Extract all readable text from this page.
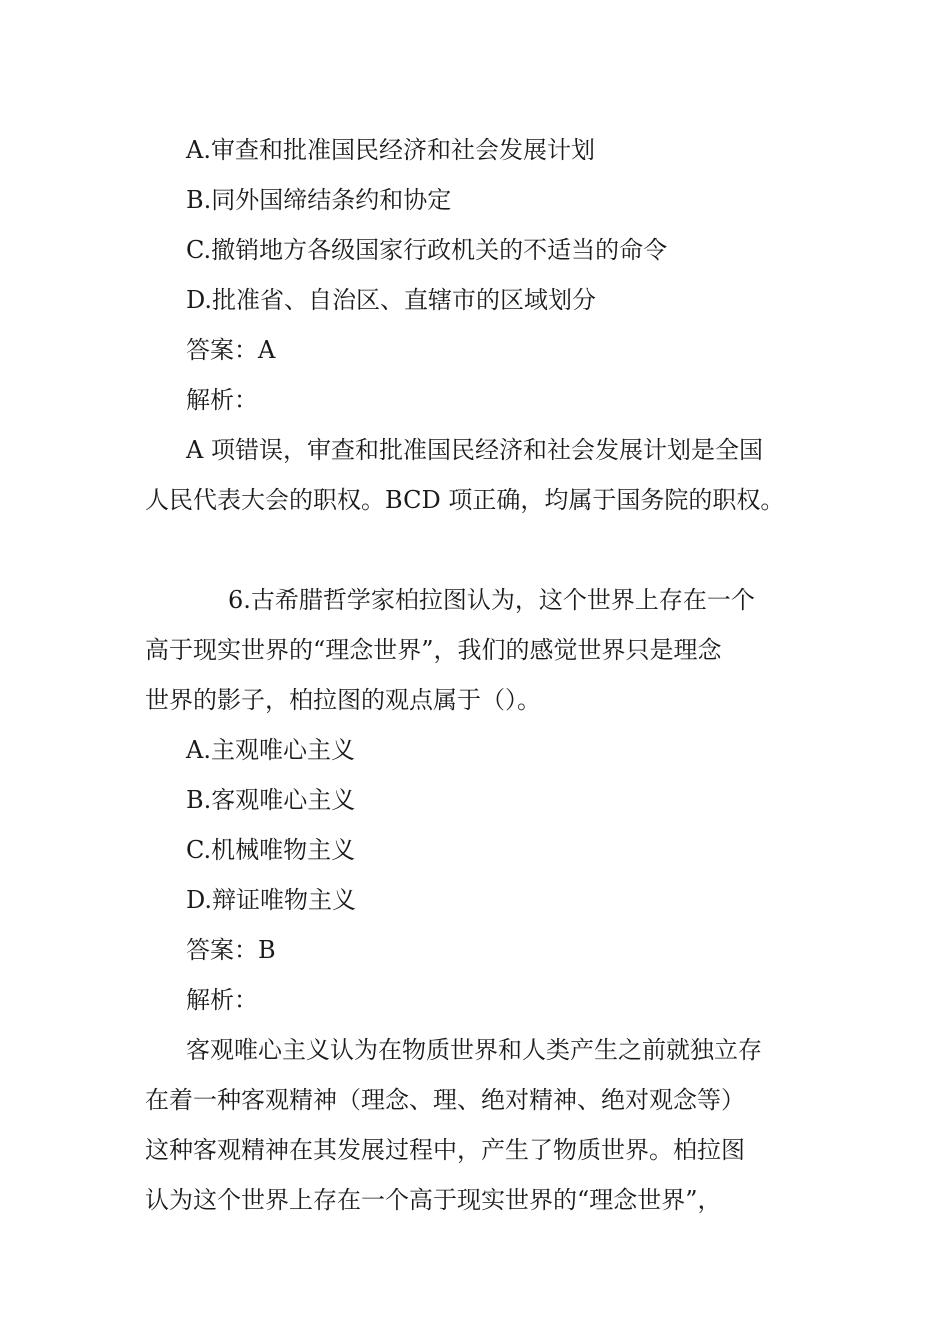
A.审查和批准国民经济和社会发展计划
B.同外国缔结条约和协定
C.撤销地方各级国家行政机关的不适当的命令
D.批准省、自治区、直辖市的区域划分
答案：A
解析：
A 项错误，审查和批准国民经济和社会发展计划是全国
人民代表大会的职权。BCD 项正确，均属于国务院的职权。
6.古希腊哲学家柏拉图认为，这个世界上存在一个
高于现实世界的“理念世界”，我们的感觉世界只是理念
世界的影子，柏拉图的观点属于（）。
A.主观唯心主义
B.客观唯心主义
C.机械唯物主义
D.辩证唯物主义
答案：B
解析：
客观唯心主义认为在物质世界和人类产生之前就独立存
在着一种客观精神（理念、理、绝对精神、绝对观念等）
这种客观精神在其发展过程中，产生了物质世界。柏拉图
认为这个世界上存在一个高于现实世界的“理念世界”，
